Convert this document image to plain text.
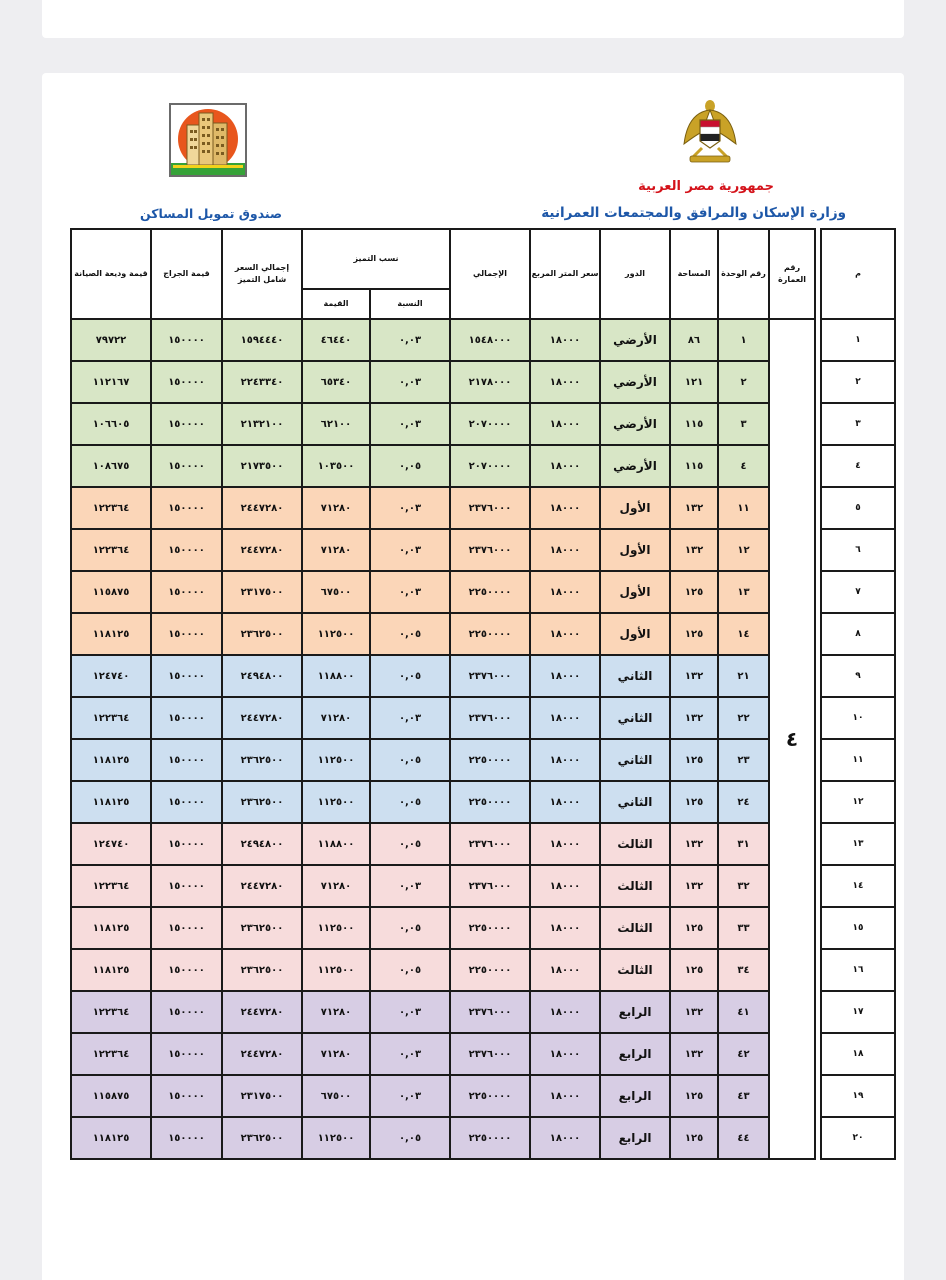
جمهورية مصر العربية
وزارة الإسكان والمرافق والمجتمعات العمرانية
صندوق تمويل المساكن
م		رقم العمارة	رقم الوحدة	المساحة	الدور	سعر المتر المربع	الإجمالي	نسب التميز		إجمالي السعر شامل التميز	قيمة الجراج	قيمة وديعة الصيانة
								النسبة	القيمة			
١		٤	١	٨٦	الأرضي	١٨٠٠٠	١٥٤٨٠٠٠	٠,٠٣	٤٦٤٤٠	١٥٩٤٤٤٠	١٥٠٠٠٠	٧٩٧٢٢
٢			٢	١٢١	الأرضي	١٨٠٠٠	٢١٧٨٠٠٠	٠,٠٣	٦٥٣٤٠	٢٢٤٣٣٤٠	١٥٠٠٠٠	١١٢١٦٧
٣			٣	١١٥	الأرضي	١٨٠٠٠	٢٠٧٠٠٠٠	٠,٠٣	٦٢١٠٠	٢١٣٢١٠٠	١٥٠٠٠٠	١٠٦٦٠٥
٤			٤	١١٥	الأرضي	١٨٠٠٠	٢٠٧٠٠٠٠	٠,٠٥	١٠٣٥٠٠	٢١٧٣٥٠٠	١٥٠٠٠٠	١٠٨٦٧٥
٥			١١	١٣٢	الأول	١٨٠٠٠	٢٣٧٦٠٠٠	٠,٠٣	٧١٢٨٠	٢٤٤٧٢٨٠	١٥٠٠٠٠	١٢٢٣٦٤
٦			١٢	١٣٢	الأول	١٨٠٠٠	٢٣٧٦٠٠٠	٠,٠٣	٧١٢٨٠	٢٤٤٧٢٨٠	١٥٠٠٠٠	١٢٢٣٦٤
٧			١٣	١٢٥	الأول	١٨٠٠٠	٢٢٥٠٠٠٠	٠,٠٣	٦٧٥٠٠	٢٣١٧٥٠٠	١٥٠٠٠٠	١١٥٨٧٥
٨			١٤	١٢٥	الأول	١٨٠٠٠	٢٢٥٠٠٠٠	٠,٠٥	١١٢٥٠٠	٢٣٦٢٥٠٠	١٥٠٠٠٠	١١٨١٢٥
٩			٢١	١٣٢	الثاني	١٨٠٠٠	٢٣٧٦٠٠٠	٠,٠٥	١١٨٨٠٠	٢٤٩٤٨٠٠	١٥٠٠٠٠	١٢٤٧٤٠
١٠			٢٢	١٣٢	الثاني	١٨٠٠٠	٢٣٧٦٠٠٠	٠,٠٣	٧١٢٨٠	٢٤٤٧٢٨٠	١٥٠٠٠٠	١٢٢٣٦٤
١١			٢٣	١٢٥	الثاني	١٨٠٠٠	٢٢٥٠٠٠٠	٠,٠٥	١١٢٥٠٠	٢٣٦٢٥٠٠	١٥٠٠٠٠	١١٨١٢٥
١٢			٢٤	١٢٥	الثاني	١٨٠٠٠	٢٢٥٠٠٠٠	٠,٠٥	١١٢٥٠٠	٢٣٦٢٥٠٠	١٥٠٠٠٠	١١٨١٢٥
١٣			٣١	١٣٢	الثالث	١٨٠٠٠	٢٣٧٦٠٠٠	٠,٠٥	١١٨٨٠٠	٢٤٩٤٨٠٠	١٥٠٠٠٠	١٢٤٧٤٠
١٤			٣٢	١٣٢	الثالث	١٨٠٠٠	٢٣٧٦٠٠٠	٠,٠٣	٧١٢٨٠	٢٤٤٧٢٨٠	١٥٠٠٠٠	١٢٢٣٦٤
١٥			٣٣	١٢٥	الثالث	١٨٠٠٠	٢٢٥٠٠٠٠	٠,٠٥	١١٢٥٠٠	٢٣٦٢٥٠٠	١٥٠٠٠٠	١١٨١٢٥
١٦			٣٤	١٢٥	الثالث	١٨٠٠٠	٢٢٥٠٠٠٠	٠,٠٥	١١٢٥٠٠	٢٣٦٢٥٠٠	١٥٠٠٠٠	١١٨١٢٥
١٧			٤١	١٣٢	الرابع	١٨٠٠٠	٢٣٧٦٠٠٠	٠,٠٣	٧١٢٨٠	٢٤٤٧٢٨٠	١٥٠٠٠٠	١٢٢٣٦٤
١٨			٤٢	١٣٢	الرابع	١٨٠٠٠	٢٣٧٦٠٠٠	٠,٠٣	٧١٢٨٠	٢٤٤٧٢٨٠	١٥٠٠٠٠	١٢٢٣٦٤
١٩			٤٣	١٢٥	الرابع	١٨٠٠٠	٢٢٥٠٠٠٠	٠,٠٣	٦٧٥٠٠	٢٣١٧٥٠٠	١٥٠٠٠٠	١١٥٨٧٥
٢٠			٤٤	١٢٥	الرابع	١٨٠٠٠	٢٢٥٠٠٠٠	٠,٠٥	١١٢٥٠٠	٢٣٦٢٥٠٠	١٥٠٠٠٠	١١٨١٢٥
